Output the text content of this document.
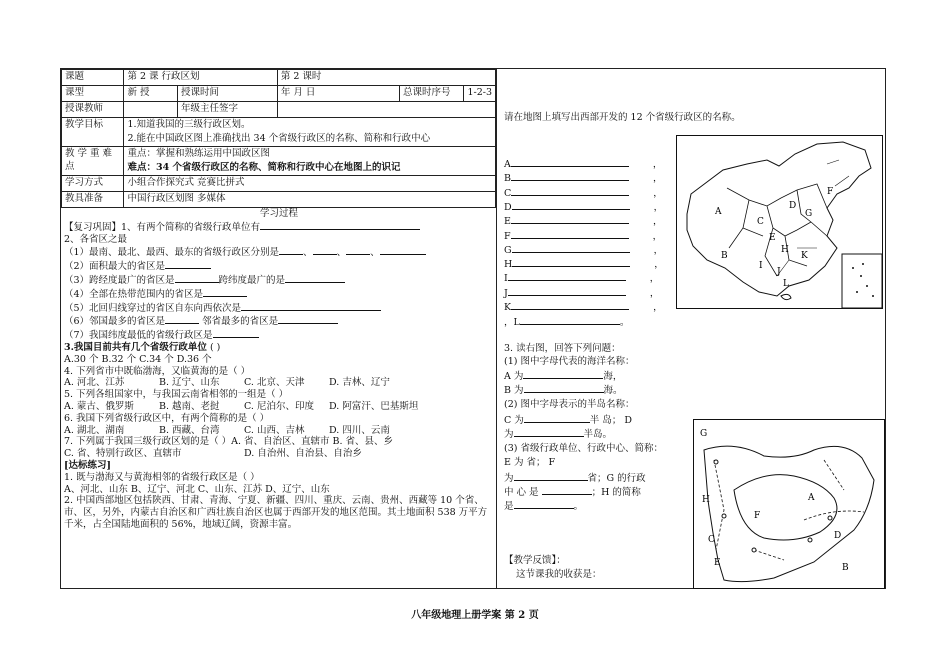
课题	第 2 课 行政区划		第 2 课时		
课型	新 授	授课时间	年 月 日	总课时序号	1-2-3
授课教师		年级主任签字			
教学目标	1.知道我国的三级行政区划。
2.能在中国政区图上准确找出 34 个省级行政区的名称、简称和行政中心				

教 学 重 难 点	重点：掌握和熟练运用中国政区图
难点：34 个省级行政区的名称、简称和行政中心在地图上的识记				

学习方式	小组合作探究式 竞赛比拼式				
教具准备	中国行政区划图 多媒体				
学习过程
【复习巩固】1、有两个简称的省级行政单位有
2、各省区之最
（1）最南、最北、最西、最东的省级行政区分别是	、	、	、
（2）面积最大的省区是
（3）跨经度最广的省区是	跨纬度最广的是
（4）全部在热带范围内的省区是
（5）北回归线穿过的省区自东向西依次是
（6）邻国最多的省区是	邻省最多的省区是
（7）我国纬度最低的省级行政区是
3.我国目前共有几个省级行政单位 ( )
A.30 个 B.32 个 C.34 个 D.36 个
4. 下列省市中既临渤海，又临黄海的是（ ）
A. 河北、江苏	B. 辽宁、山东	C. 北京、天津	D. 吉林、辽宁
5. 下列各组国家中，与我国云南省相邻的一组是（ ）
A. 蒙古、俄罗斯	B. 越南、老挝	C. 尼泊尔、印度 D. 阿富汗、巴基斯坦
6. 我国下列省级行政区中，有两个简称的是（ ）
A. 湖北、湖南	B. 西藏、台湾	C. 山西、吉林	D. 四川、云南
7. 下列属于我国三级行政区划的是（ ）A. 省、自治区、直辖市 B. 省、县、乡
C. 省、特别行政区、直辖市	D. 自治州、自治县、自治乡
[达标练习]
1. 既与渤海又与黄海相邻的省级行政区是（ ）
A、河北、山东 B、辽宁、河北 C、山东、江苏 D、辽宁、山东
2. 中国西部地区包括陕西、甘肃、青海、宁夏、新疆、四川、重庆、云南、贵州、西藏等 10 个省、市、区，另外，内蒙古自治区和广西壮族自治区也属于西部开发的地区范围。其土地面积 538 万平方千米，占全国陆地面积的 56%，地域辽阔，资源丰富。
请在地图上填写出西部开发的 12 个省级行政区的名称。
A	，
B	，
C	，
D	，
E	，
F	，
G	，
H	，
I	，
J	，
K	，
，L	。
A
B
C
D
E
F
G
H
I
J
K
L
3. 读右图，回答下列问题：
(1) 图中字母代表的海洋名称：
A 为	海，
B 为	海。
(2) 图中字母表示的半岛名称：
C 为	半 岛； D
为	半岛。
(3) 省级行政单位、行政中心、简称：
E 为 省； F
为	省；G 的行政
中 心 是	；H 的简称
是	。
A
B
C	D
E
F
G
H
【教学反馈】：
这节课我的收获是：
八年级地理上册学案 第 2 页
